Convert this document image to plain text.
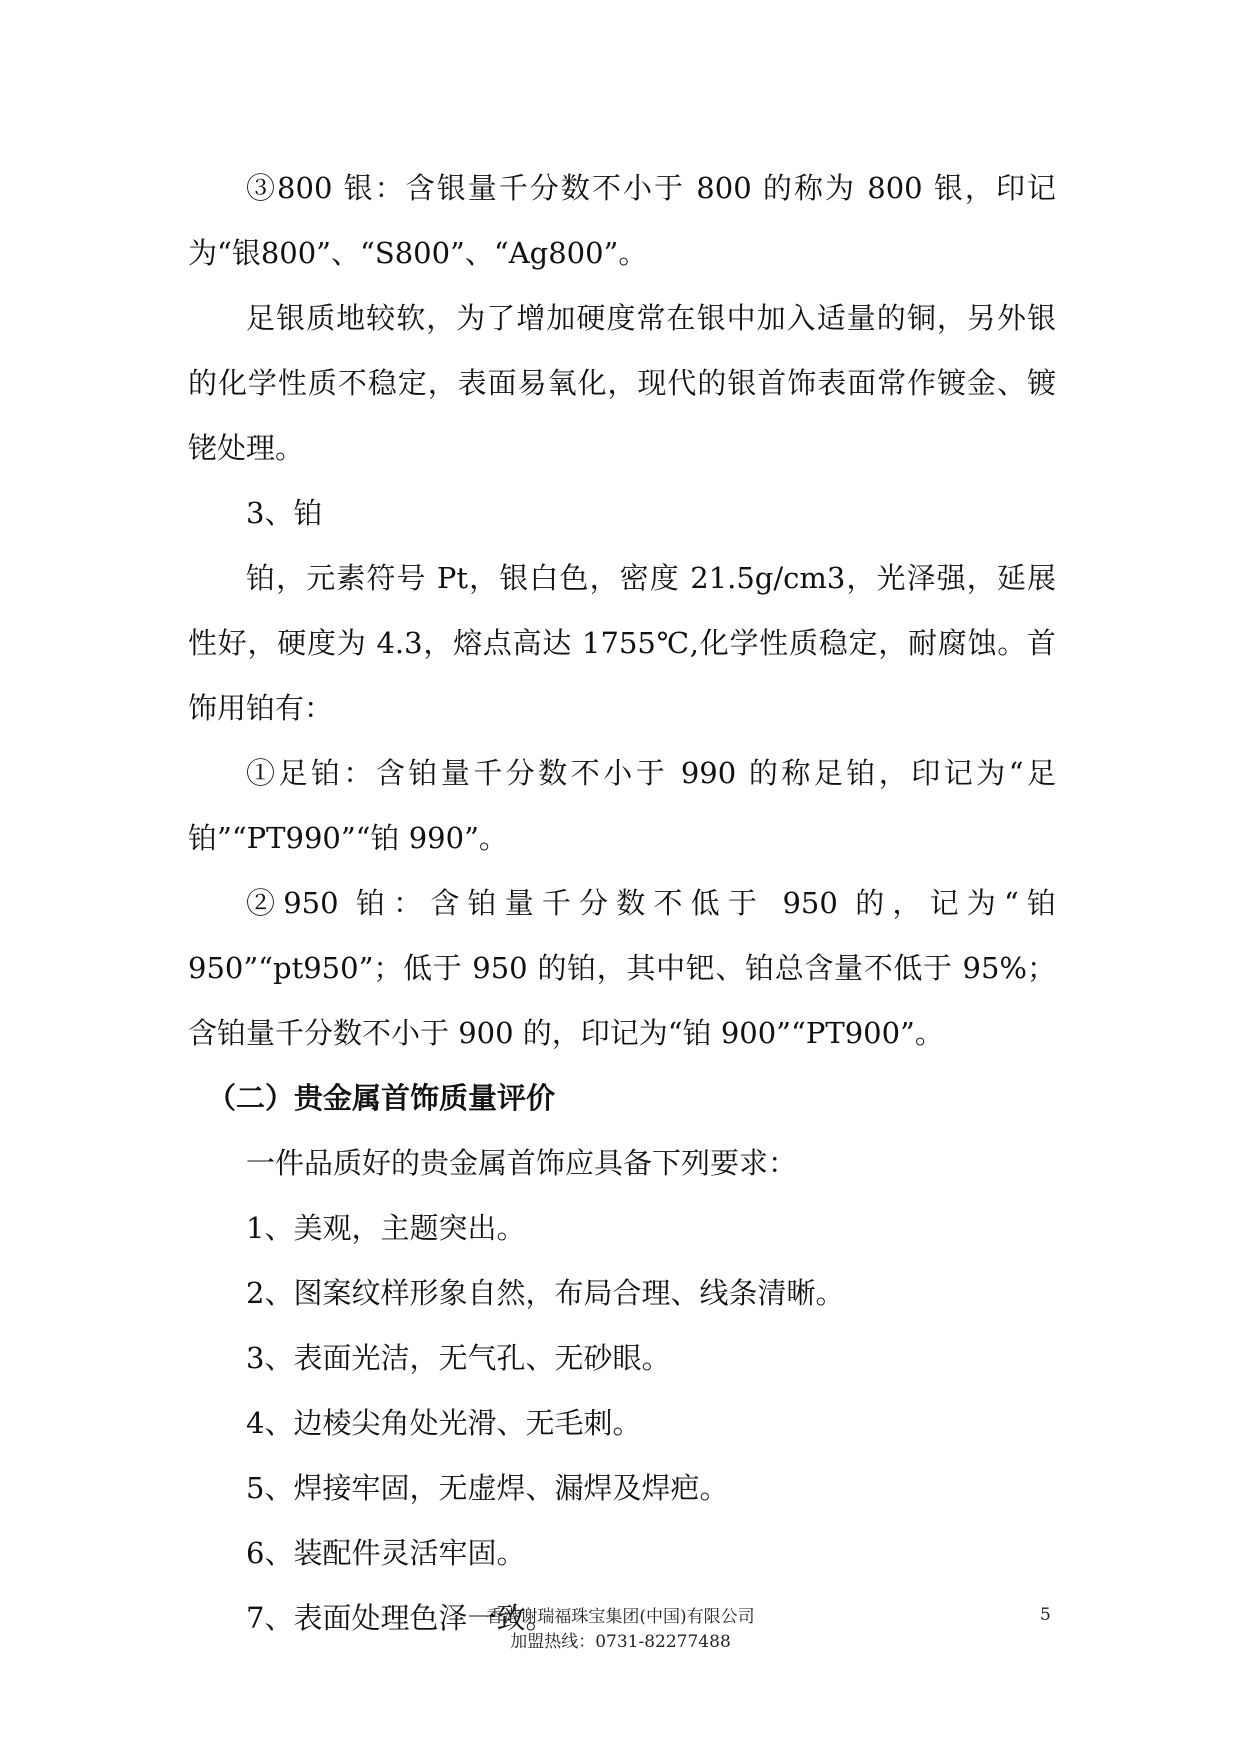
③800 银：含银量千分数不小于 800 的称为 800 银，印记为“银800”、“S800”、“Ag800”。

足银质地较软，为了增加硬度常在银中加入适量的铜，另外银的化学性质不稳定，表面易氧化，现代的银首饰表面常作镀金、镀铑处理。

3、铂

铂，元素符号 Pt，银白色，密度 21.5g/cm3，光泽强，延展性好，硬度为 4.3，熔点高达 1755℃,化学性质稳定，耐腐蚀。首饰用铂有：

①足铂：含铂量千分数不小于 990 的称足铂，印记为“足铂”“PT990”“铂 990”。

②950 铂：含铂量千分数不低于 950 的，记为“铂 950”“pt950”；低于 950 的铂，其中钯、铂总含量不低于 95%；含铂量千分数不小于 900 的，印记为“铂 900”“PT900”。

（二）贵金属首饰质量评价

一件品质好的贵金属首饰应具备下列要求：

1、美观，主题突出。

2、图案纹样形象自然，布局合理、线条清晰。

3、表面光洁，无气孔、无砂眼。

4、边棱尖角处光滑、无毛刺。

5、焊接牢固，无虚焊、漏焊及焊疤。

6、装配件灵活牢固。

7、表面处理色泽一致。

香港谢瑞福珠宝集团(中国)有限公司
加盟热线：0731-82277488
5
